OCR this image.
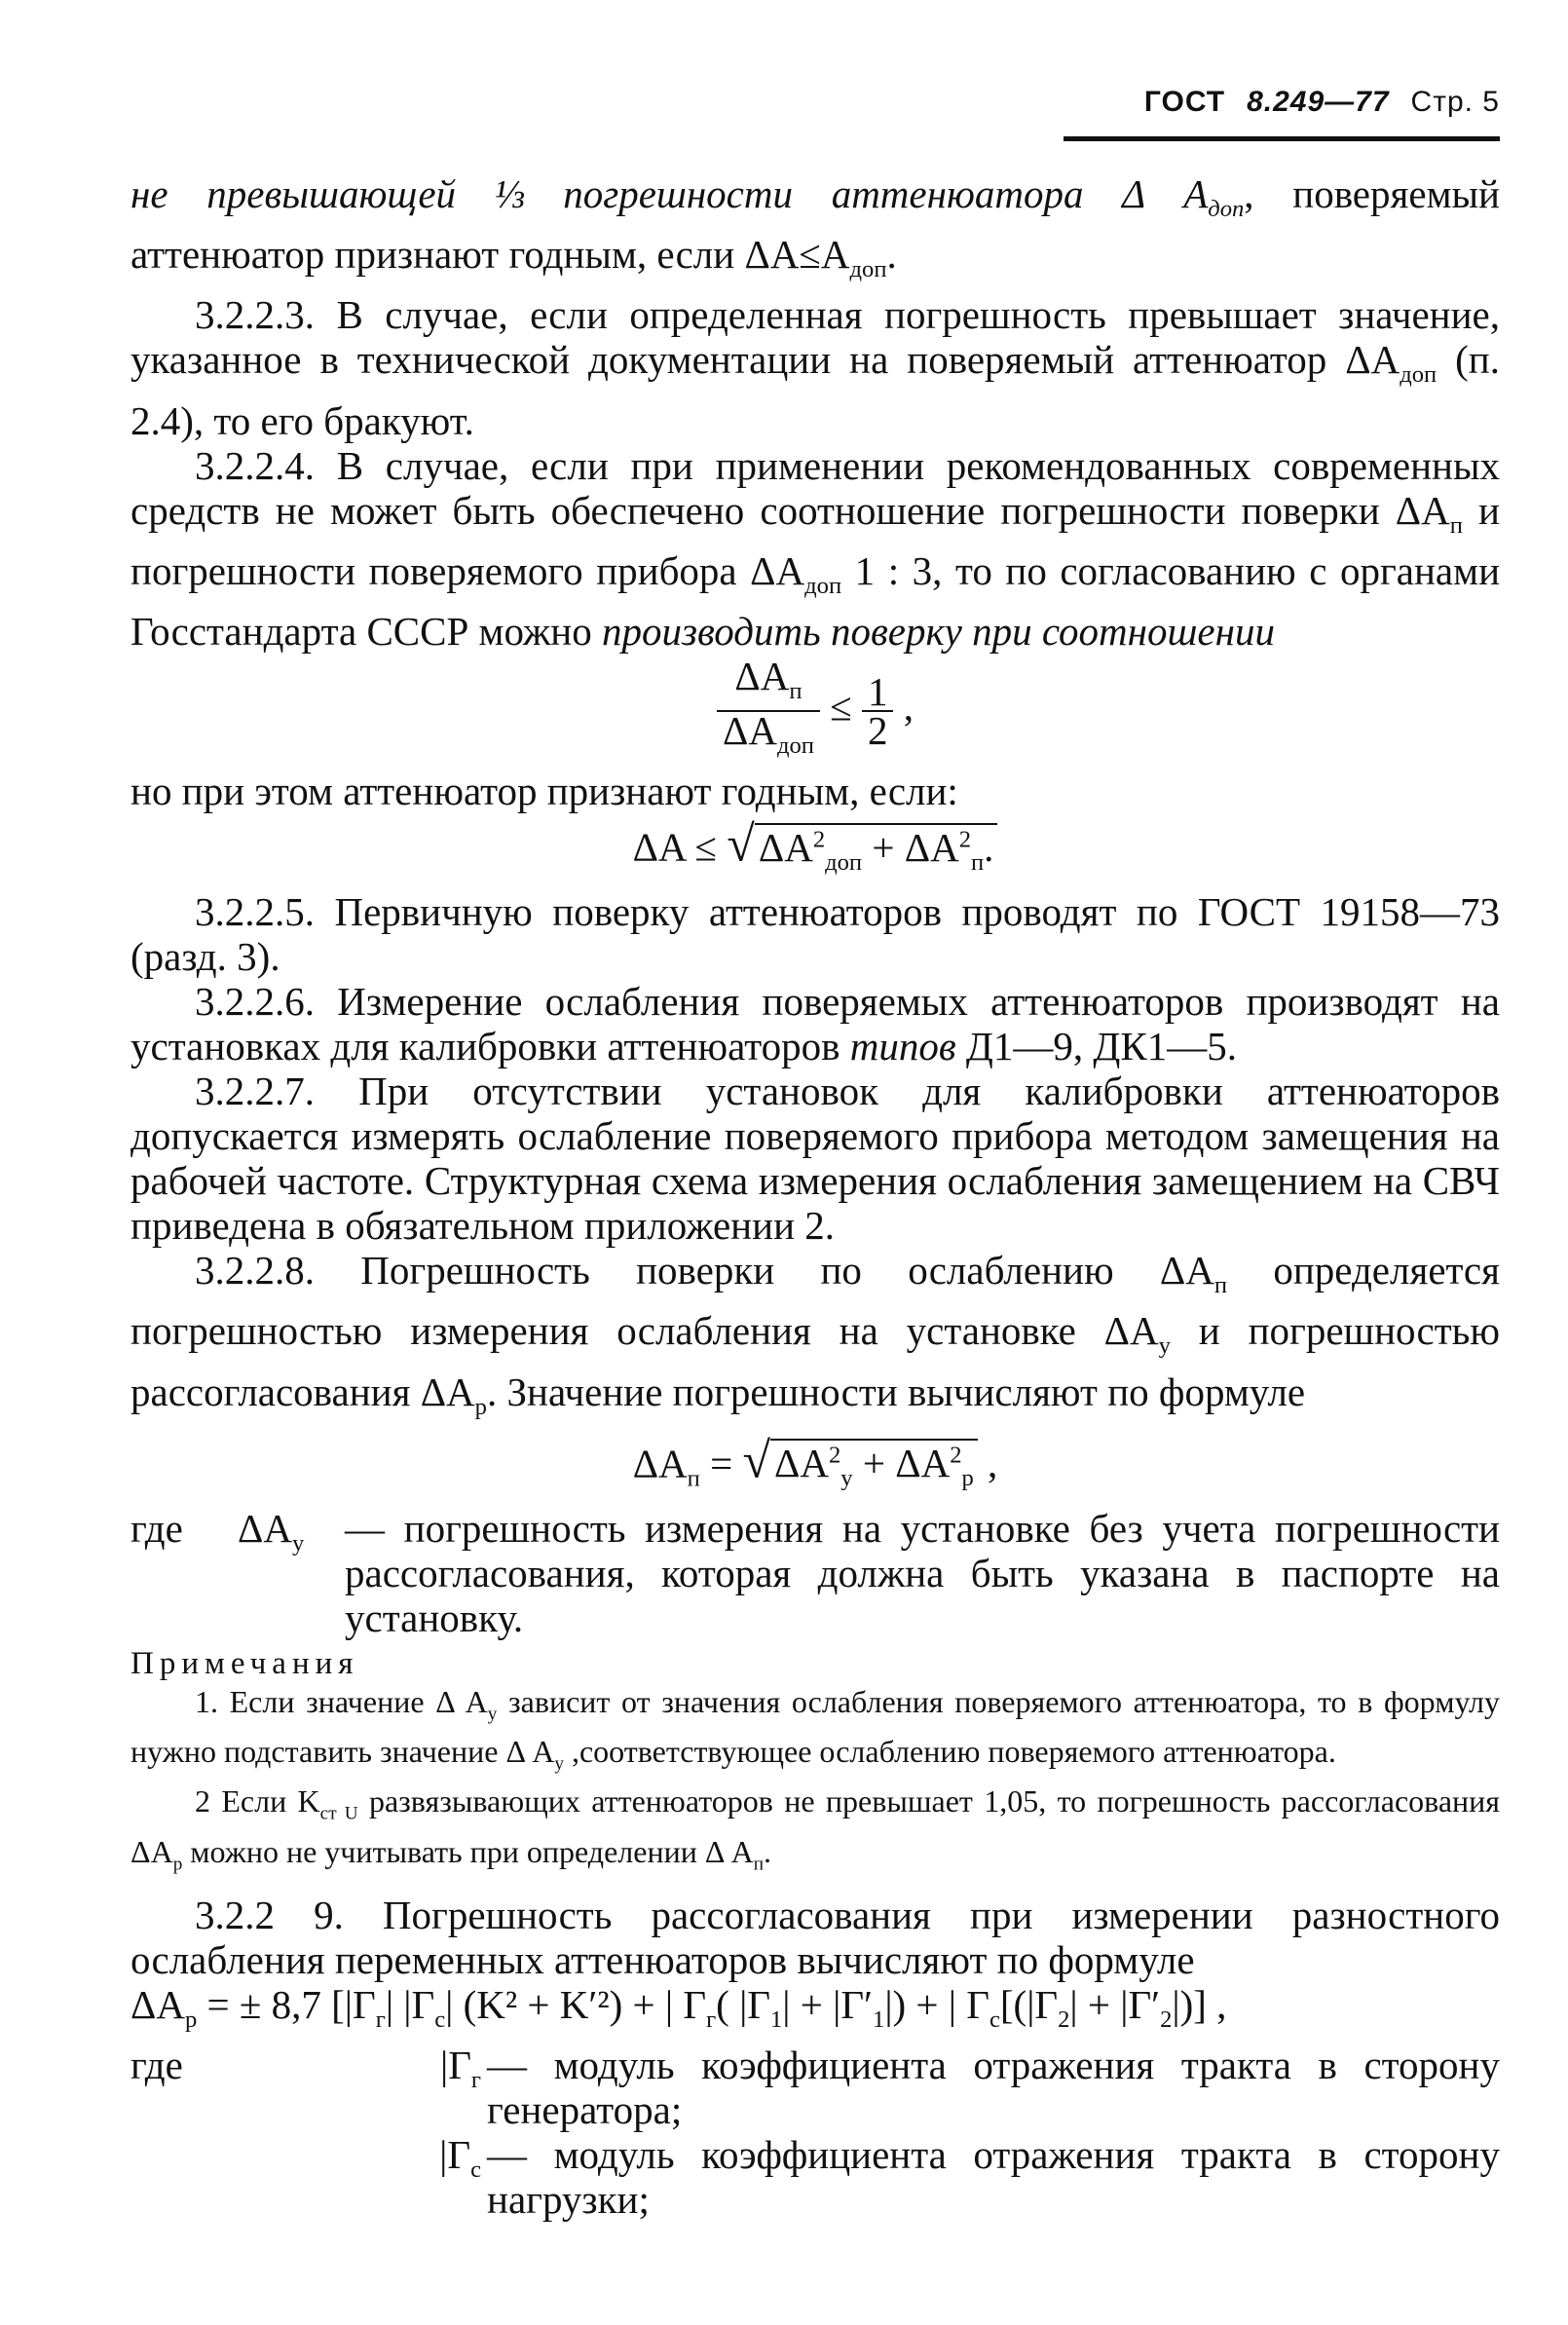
ГОСТ 8.249—77 Стр. 5

не превышающей ⅓ погрешности аттенюатора Δ $A_{доп}$, поверяемый аттенюатор признают годным, если $\Delta A\le A_{доп}$.

3.2.2.3. В случае, если определенная погрешность превышает значение, указанное в технической документации на поверяемый аттенюатор $\Delta A_{доп}$ (п. 2.4), то его бракуют.

3.2.2.4. В случае, если при применении рекомендованных современных средств не может быть обеспечено соотношение погрешности поверки $\Delta A_п$ и погрешности поверяемого прибора $\Delta A_{доп}$ 1 : 3, то по согласованию с органами Госстандарта СССР можно производить поверку при соотношении

$\frac{\Delta A_п}{\Delta A_{доп}} \le \frac{1}{2}$ ,

но при этом аттенюатор признают годным, если:

$\Delta A \le √\Delta A^2_{доп} + \Delta A^2_п$.

3.2.2.5. Первичную поверку аттенюаторов проводят по ГОСТ 19158—73 (разд. 3).

3.2.2.6. Измерение ослабления поверяемых аттенюаторов производят на установках для калибровки аттенюаторов типов Д1—9, ДК1—5.

3.2.2.7. При отсутствии установок для калибровки аттенюаторов допускается измерять ослабление поверяемого прибора методом замещения на рабочей частоте. Структурная схема измерения ослабления замещением на СВЧ приведена в обязательном приложении 2.

3.2.2.8. Погрешность поверки по ослаблению $\Delta A_п$ определяется погрешностью измерения ослабления на установке $\Delta A_у$ и погрешностью рассогласования $\Delta A_р$. Значение погрешности вычисляют по формуле

$\Delta A_п = √\Delta A^2_у + \Delta A^2_р$ ,
где	$\Delta A_у$	— погрешность измерения на установке без учета погрешности рассогласования, которая должна быть указана в паспорте на установку.
Примечания

1. Если значение Δ $A_у$ зависит от значения ослабления поверяемого аттенюатора, то в формулу нужно подставить значение Δ $A_у$ ,соответствующее ослаблению поверяемого аттенюатора.

2 Если $K_{ст U}$ развязывающих аттенюаторов не превышает 1,05, то погрешность рассогласования $\Delta A_р$ можно не учитывать при определении Δ $A_п$.

3.2.2 9. Погрешность рассогласования при измерении разностного ослабления переменных аттенюаторов вычисляют по формуле

$\Delta A_р$ = ± 8,7 [$|\Gamma_г|$ $|\Gamma_с|$ (K² + K′²) + | $\Gamma_г$( $|\Gamma_1| + |\Gamma'_1|$) + | $\Gamma_с[(|\Gamma_2| + |\Gamma'_2|)]$ ,

где	$|\Gamma_г$ — модуль коэффициента отражения тракта в сторону генератора;
$|\Gamma_с$ — модуль коэффициента отражения тракта в сторону нагрузки;
